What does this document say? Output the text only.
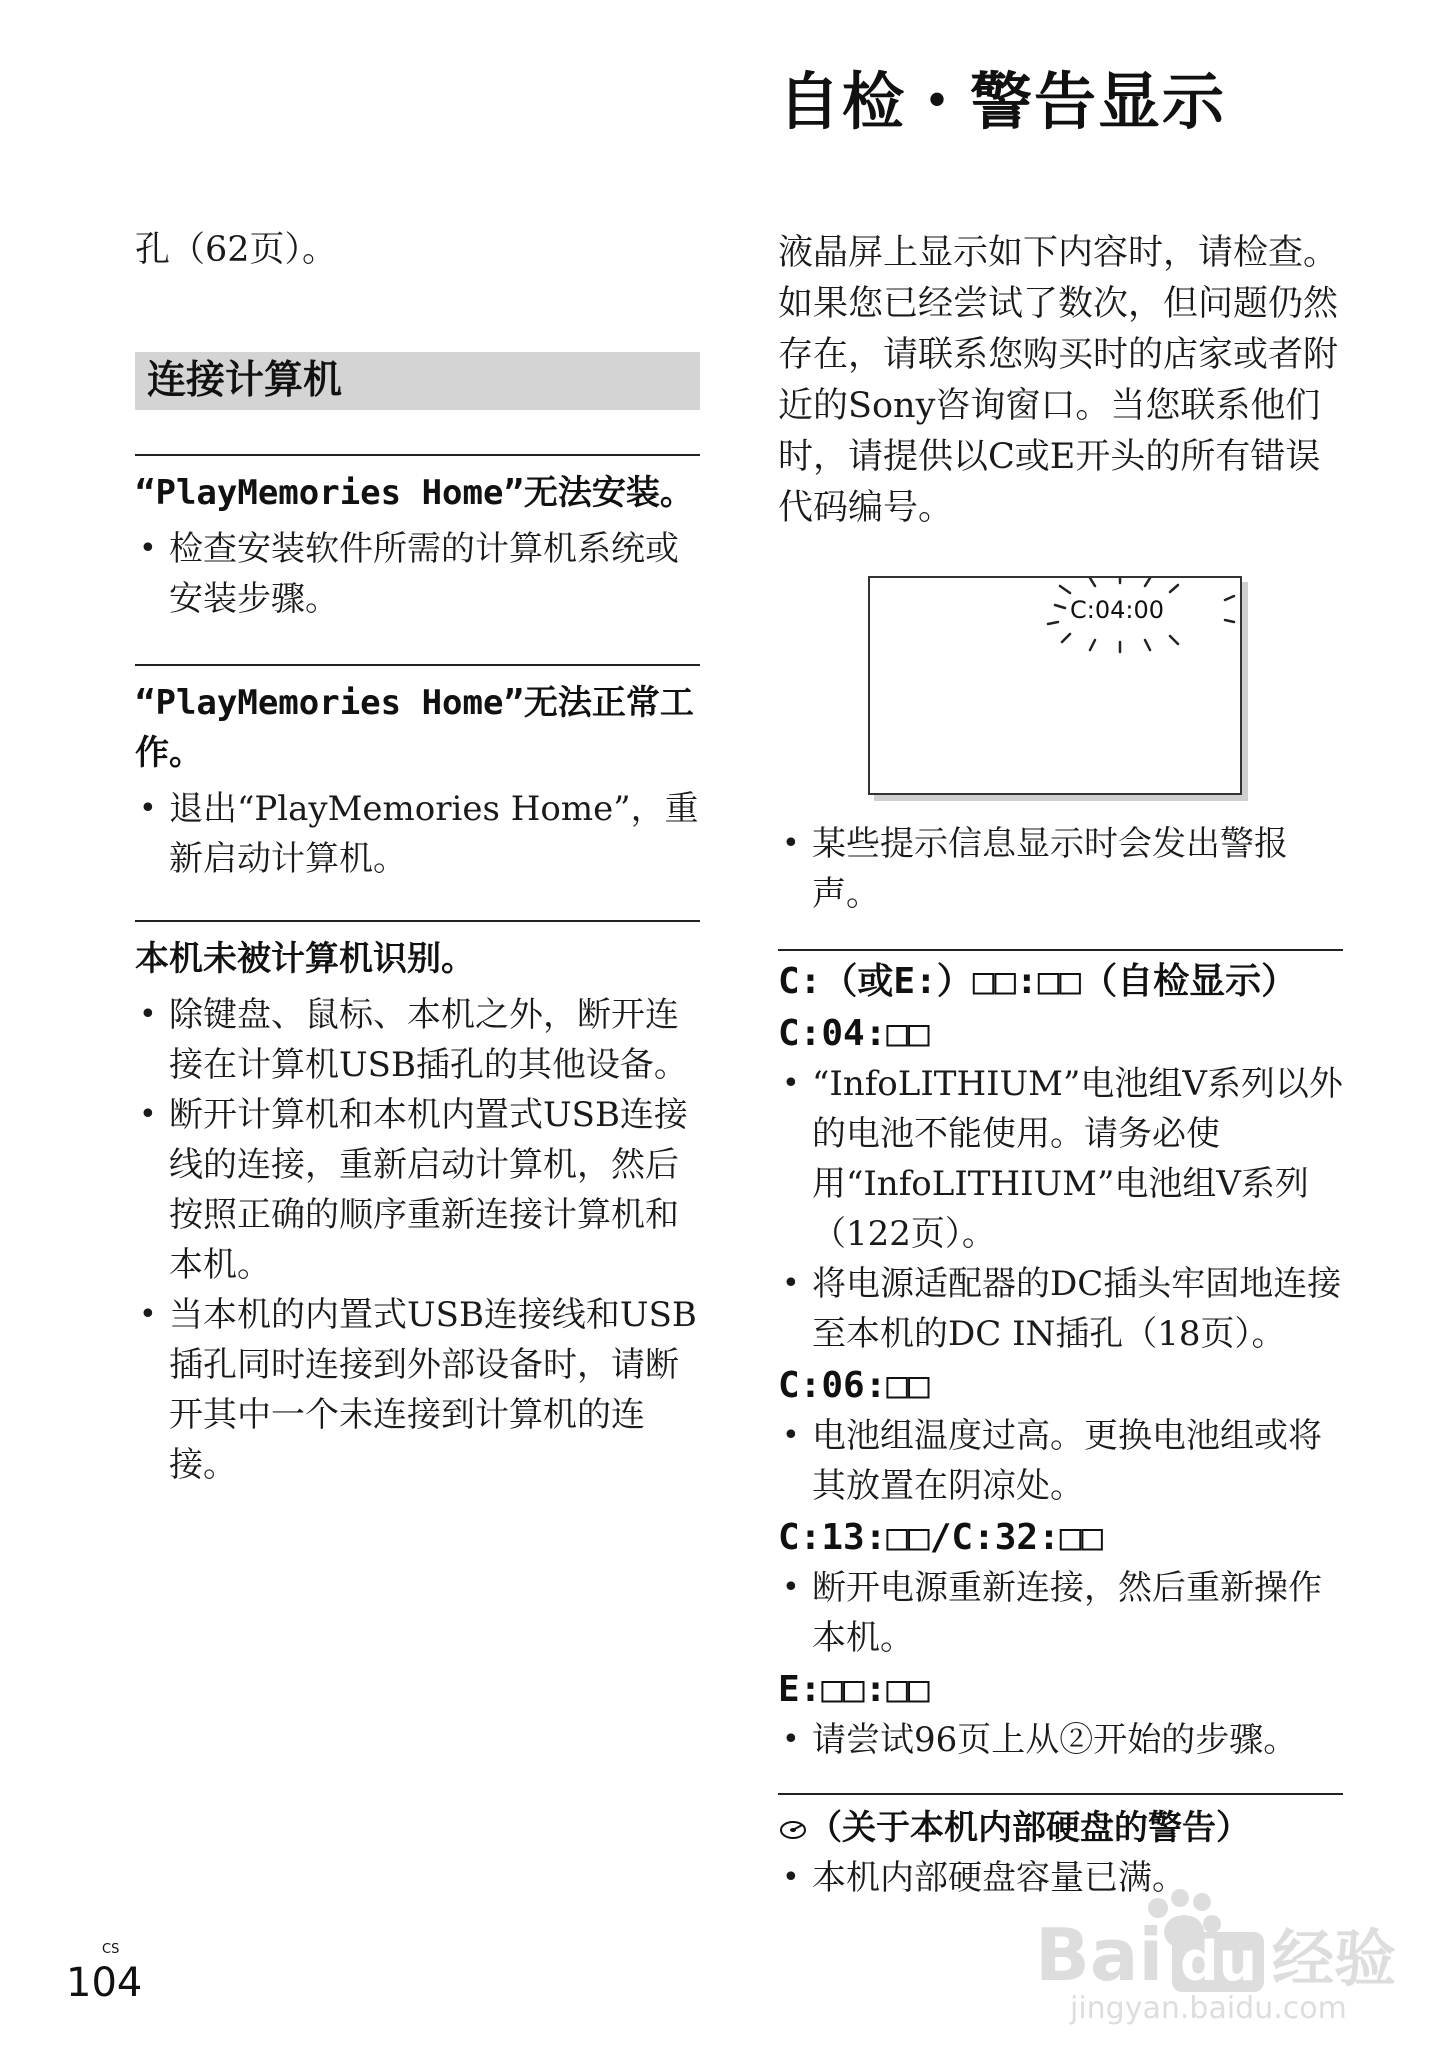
自检・警告显示

孔（62页）。

连接计算机
“PlayMemories Home”无法安装。
• 检查安装软件所需的计算机系统或安装步骤。
“PlayMemories Home”无法正常工作。
• 退出“PlayMemories Home”，重新启动计算机。
本机未被计算机识别。
• 除键盘、鼠标、本机之外，断开连接在计算机USB插孔的其他设备。
• 断开计算机和本机内置式USB连接线的连接，重新启动计算机，然后按照正确的顺序重新连接计算机和本机。
• 当本机的内置式USB连接线和USB插孔同时连接到外部设备时，请断开其中一个未连接到计算机的连接。

液晶屏上显示如下内容时，请检查。如果您已经尝试了数次，但问题仍然存在，请联系您购买时的店家或者附近的Sony咨询窗口。当您联系他们时，请提供以C或E开头的所有错误代码编号。

C:04:00
• 某些提示信息显示时会发出警报声。
C:（或E:）□□:□□（自检显示）
C:04:□□
• “InfoLITHIUM”电池组V系列以外的电池不能使用。请务必使用“InfoLITHIUM”电池组V系列（122页）。
• 将电源适配器的DC插头牢固地连接至本机的DC IN插孔（18页）。
C:06:□□
• 电池组温度过高。更换电池组或将其放置在阴凉处。
C:13:□□/C:32:□□
• 断开电源重新连接，然后重新操作本机。
E:□□:□□
• 请尝试96页上从②开始的步骤。
（关于本机内部硬盘的警告）
• 本机内部硬盘容量已满。
CS
104	Bai du 经验
jingyan.baidu.com
